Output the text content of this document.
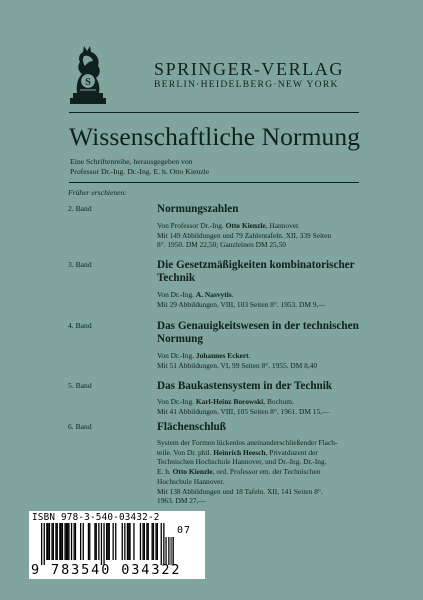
S
SPRINGER-VERLAG
BERLIN·HEIDELBERG·NEW YORK
Wissenschaftliche Normung
Eine Schriftenreihe, herausgegeben von
Professor Dr.-Ing. Dr.-Ing. E. h. Otto Kienzle
Früher erschienen:
2. Band	Normungszahlen

Von Professor Dr.-Ing. Otto Kienzle, Hannover.

Mit 149 Abbildungen und 79 Zahlentafeln. XII, 339 Seiten

8°. 1950. DM 22,50; Ganzleinen DM 25,50

3. Band	Die Gesetzmäßigkeiten kombinatorischer Technik

Von Dr.-Ing. A. Nasvytis.

Mit 29 Abbildungen. VIII, 103 Seiten 8°. 1953. DM 9,—

4. Band	Das Genauigkeitswesen in der technischen Normung

Von Dr.-Ing. Johannes Eckert.

Mit 51 Abbildungen. VI, 99 Seiten 8°. 1955. DM 8,40

5. Band	Das Baukastensystem in der Technik

Von Dr.-Ing. Karl-Heinz Borowski, Bochum.

Mit 41 Abbildungen. VIII, 105 Seiten 8°. 1961. DM 15,—

6. Band	Flächenschluß

System der Formen lückenlos aneinanderschließender Flach-

teile. Von Dr. phil. Heinrich Heesch, Privatdozent der

Technischen Hochschule Hannover, und Dr.-Ing. Dr.-Ing.

E. h. Otto Kienzle, ord. Professor em. der Technischen

Hochschule Hannover.

Mit 138 Abbildungen und 18 Tafeln. XII, 141 Seiten 8°.

1963. DM 27,—

ISBN 978-3-540-03432-2
07
9 783540 034322
